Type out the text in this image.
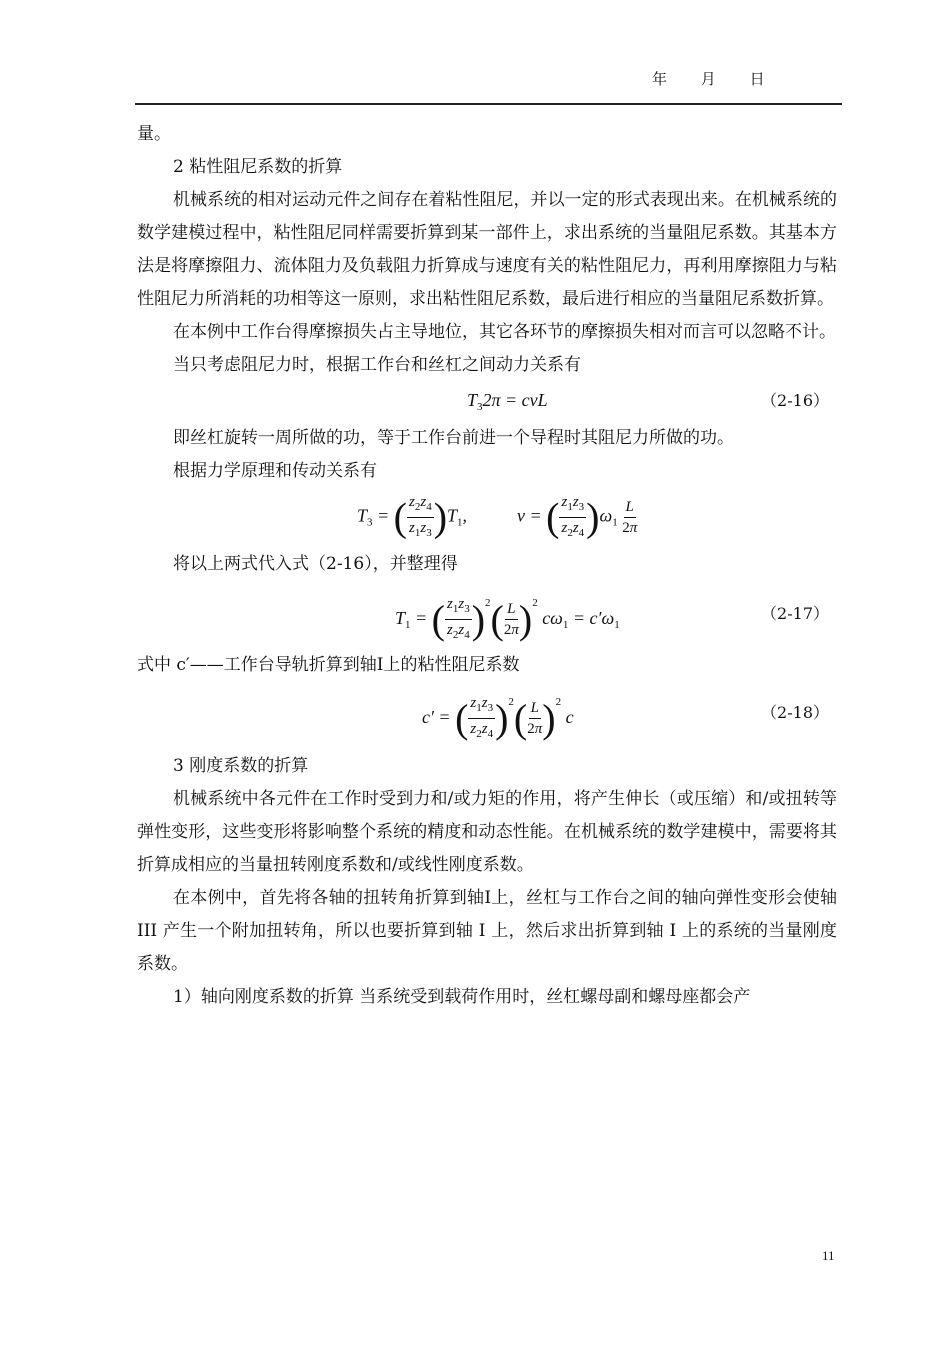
年 月 日

量。

2 粘性阻尼系数的折算

机械系统的相对运动元件之间存在着粘性阻尼，并以一定的形式表现出来。在机械系统的数学建模过程中，粘性阻尼同样需要折算到某一部件上，求出系统的当量阻尼系数。其基本方法是将摩擦阻力、流体阻力及负载阻力折算成与速度有关的粘性阻尼力，再利用摩擦阻力与粘性阻尼力所消耗的功相等这一原则，求出粘性阻尼系数，最后进行相应的当量阻尼系数折算。

在本例中工作台得摩擦损失占主导地位，其它各环节的摩擦损失相对而言可以忽略不计。

当只考虑阻尼力时，根据工作台和丝杠之间动力关系有

$T_32\pi$ = cvL	（2-16）

即丝杠旋转一周所做的功，等于工作台前进一个导程时其阻尼力所做的功。

根据力学原理和传动关系有

$T_3$ = ( $\frac{z_2z_4}{z_1z_3} )T_1$,	v = ( $\frac{z_1z_3}{z_2z_4} )\omega_1 \frac{L}{2\pi}$

将以上两式代入式（2-16），并整理得

$T_1$ = ( $\frac{z_1z_3}{z_2z_4} )^2( \frac{L}{2\pi} )^2$ $c\omega_1 = c'\omega_1$
（2-17）

式中 c′——工作台导轨折算到轴Ⅰ上的粘性阻尼系数

c′ = ( $\frac{z_1z_3}{z_2z_4} )^2( \frac{L}{2\pi} )^2$ c	（2-18）

3 刚度系数的折算

机械系统中各元件在工作时受到力和/或力矩的作用，将产生伸长（或压缩）和/或扭转等弹性变形，这些变形将影响整个系统的精度和动态性能。在机械系统的数学建模中，需要将其折算成相应的当量扭转刚度系数和/或线性刚度系数。

在本例中，首先将各轴的扭转角折算到轴Ⅰ上，丝杠与工作台之间的轴向弹性变形会使轴 III 产生一个附加扭转角，所以也要折算到轴 Ⅰ 上，然后求出折算到轴 Ⅰ 上的系统的当量刚度系数。

1）轴向刚度系数的折算 当系统受到载荷作用时，丝杠螺母副和螺母座都会产

11
